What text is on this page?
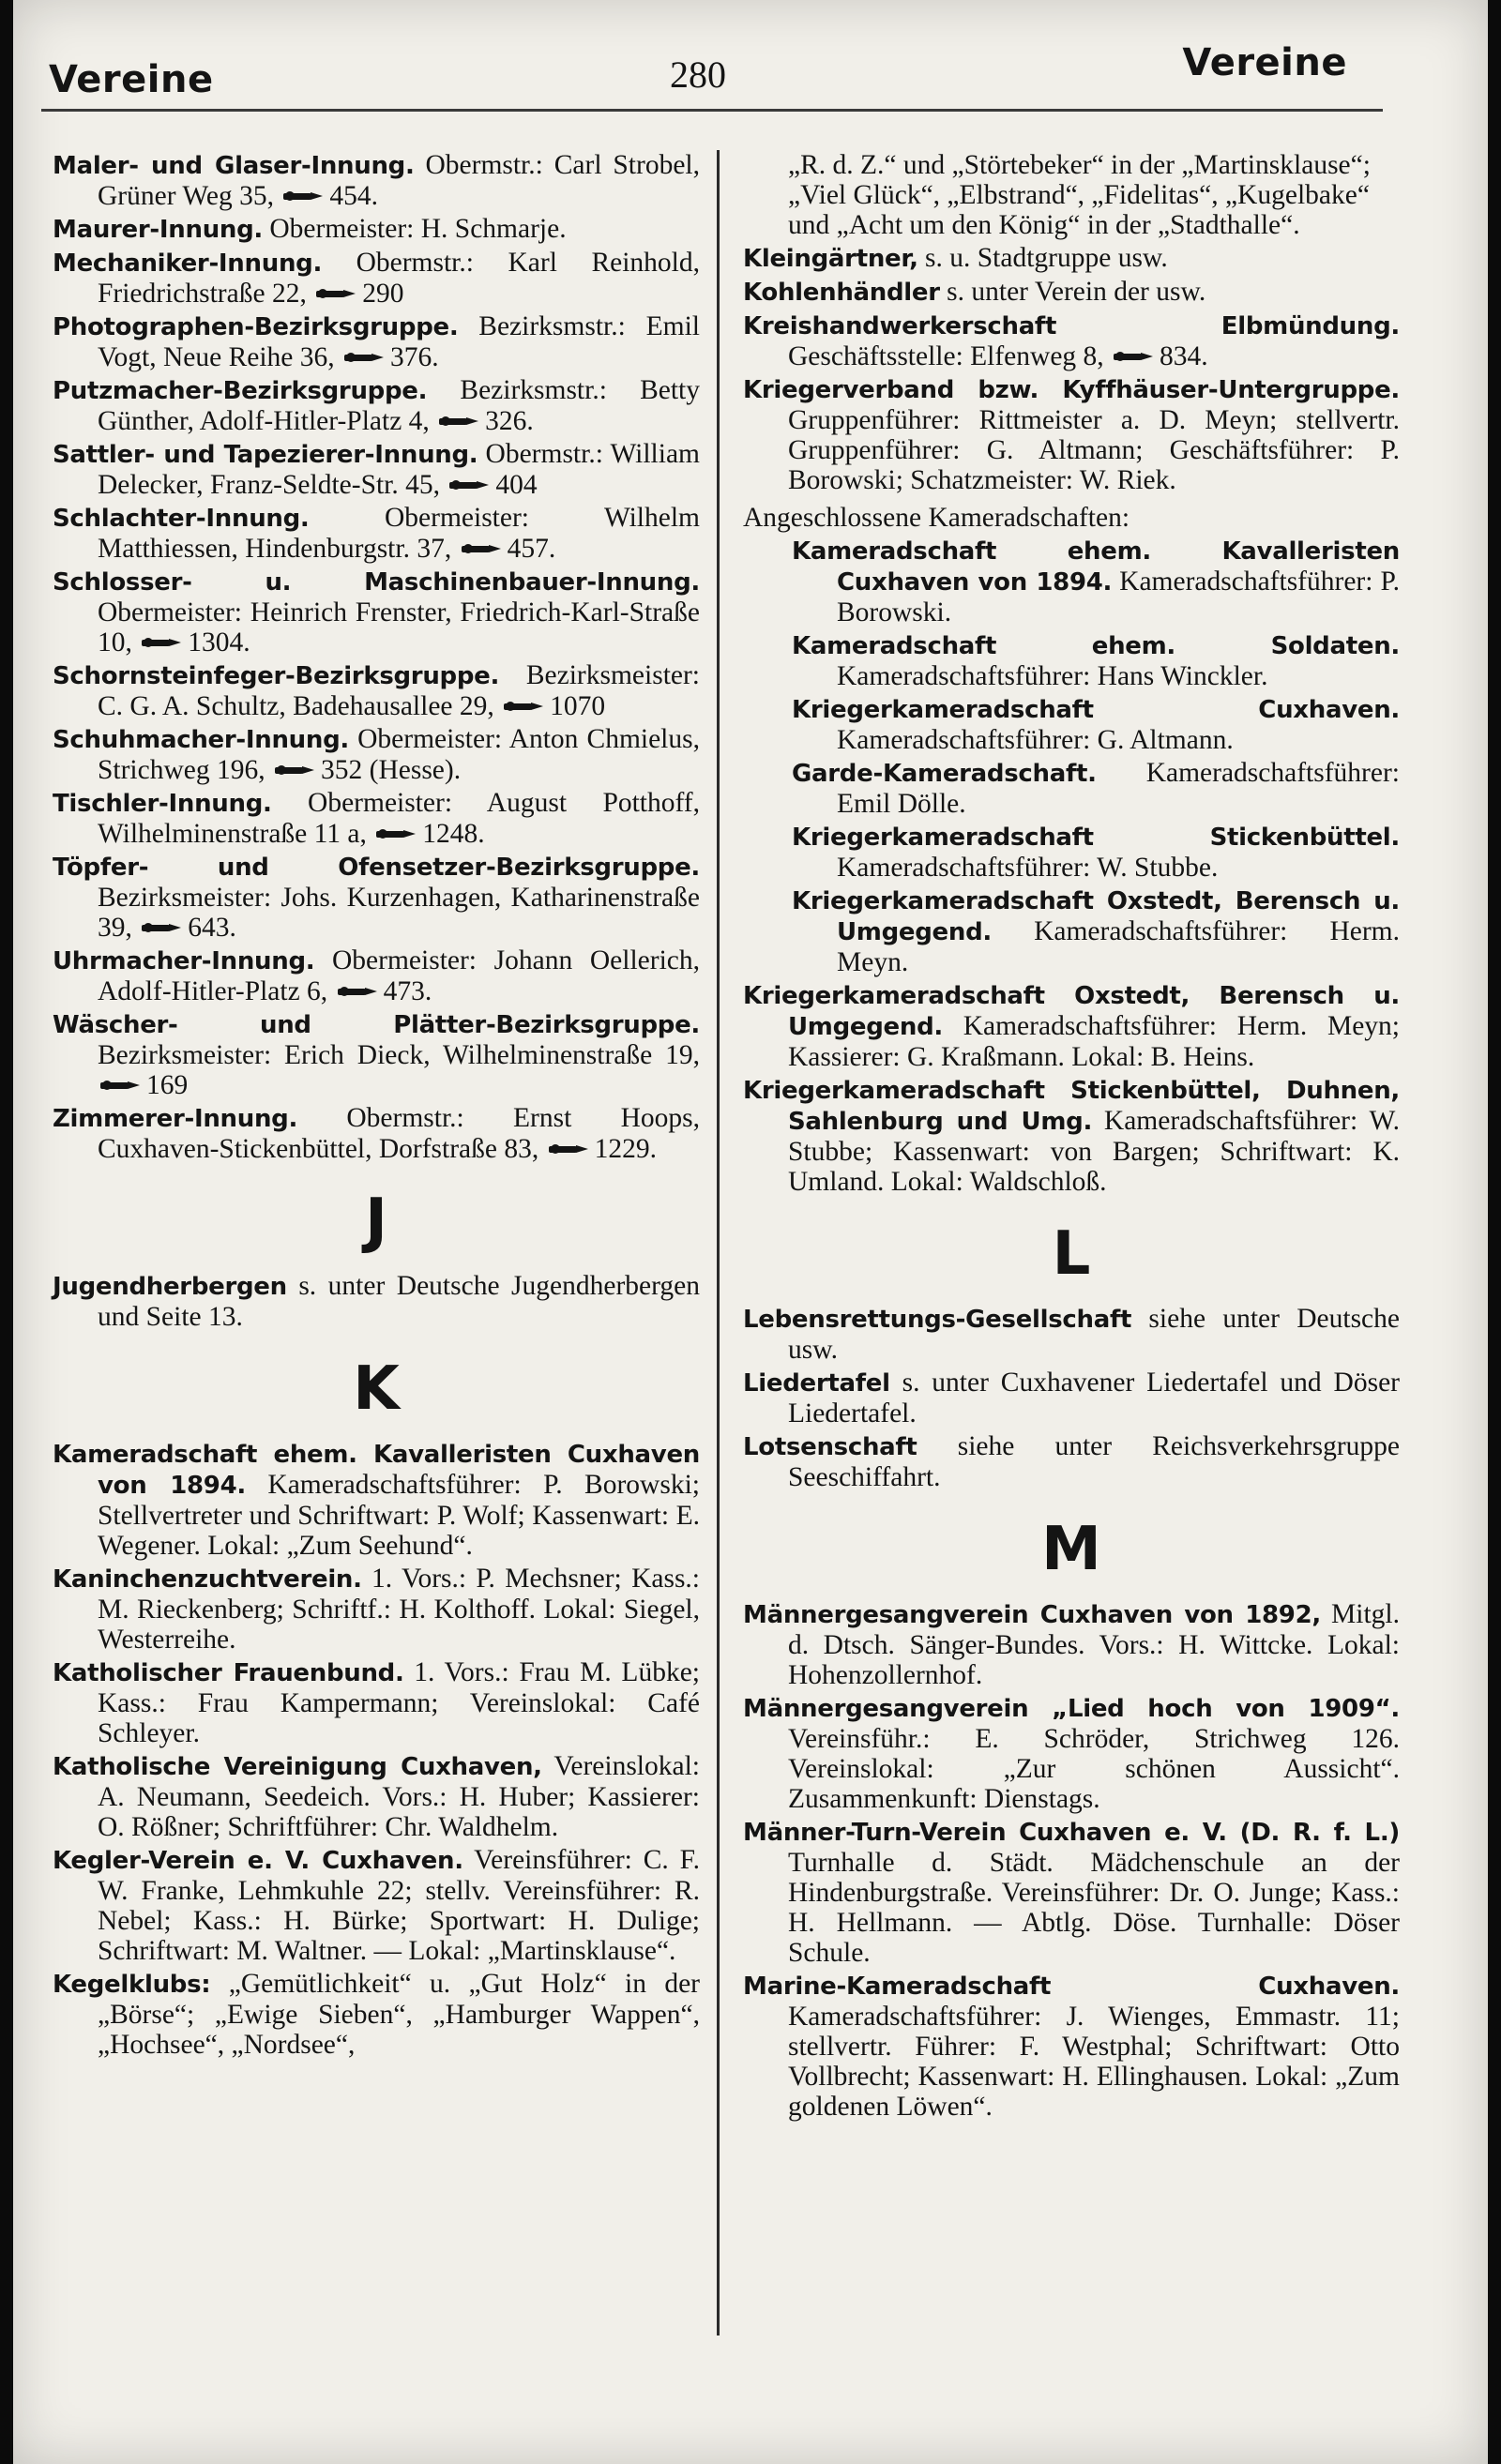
Vereine	280	Vereine

Maler- und Glaser-Innung. Obermstr.: Carl Strobel, Grüner Weg 35, 454.

Maurer-Innung. Obermeister: H. Schmarje.

Mechaniker-Innung. Obermstr.: Karl Reinhold, Friedrichstraße 22, 290

Photographen-Bezirksgruppe. Bezirksmstr.: Emil Vogt, Neue Reihe 36, 376.

Putzmacher-Bezirksgruppe. Bezirksmstr.: Betty Günther, Adolf-Hitler-Platz 4, 326.

Sattler- und Tapezierer-Innung. Obermstr.: William Delecker, Franz-Seldte-Str. 45, 404

Schlachter-Innung. Obermeister: Wilhelm Matthiessen, Hindenburgstr. 37, 457.

Schlosser- u. Maschinenbauer-Innung. Obermeister: Heinrich Frenster, Friedrich-Karl-Straße 10, 1304.

Schornsteinfeger-Bezirksgruppe. Bezirksmeister: C. G. A. Schultz, Badehausallee 29, 1070

Schuhmacher-Innung. Obermeister: Anton Chmielus, Strichweg 196, 352 (Hesse).

Tischler-Innung. Obermeister: August Potthoff, Wilhelminenstraße 11 a, 1248.

Töpfer- und Ofensetzer-Bezirksgruppe. Bezirksmeister: Johs. Kurzenhagen, Katharinenstraße 39, 643.

Uhrmacher-Innung. Obermeister: Johann Oellerich, Adolf-Hitler-Platz 6, 473.

Wäscher- und Plätter-Bezirksgruppe. Bezirksmeister: Erich Dieck, Wilhelminenstraße 19,
169

Zimmerer-Innung. Obermstr.: Ernst Hoops, Cuxhaven-Stickenbüttel, Dorfstraße 83, 1229.

J

Jugendherbergen s. unter Deutsche Jugendherbergen und Seite 13.

K

Kameradschaft ehem. Kavalleristen Cuxhaven von 1894. Kameradschaftsführer: P. Borowski; Stellvertreter und Schriftwart: P. Wolf; Kassenwart: E. Wegener. Lokal: „Zum Seehund“.

Kaninchenzuchtverein. 1. Vors.: P. Mechsner; Kass.: M. Rieckenberg; Schriftf.: H. Kolthoff. Lokal: Siegel, Westerreihe.

Katholischer Frauenbund. 1. Vors.: Frau M. Lübke; Kass.: Frau Kampermann; Vereinslokal: Café Schleyer.

Katholische Vereinigung Cuxhaven, Vereinslokal: A. Neumann, Seedeich. Vors.: H. Huber; Kassierer: O. Rößner; Schriftführer: Chr. Waldhelm.

Kegler-Verein e. V. Cuxhaven. Vereinsführer: C. F. W. Franke, Lehmkuhle 22; stellv. Vereinsführer: R. Nebel; Kass.: H. Bürke; Sportwart: H. Dulige; Schriftwart: M. Waltner. — Lokal: „Martinsklause“.

Kegelklubs: „Gemütlichkeit“ u. „Gut Holz“ in der „Börse“; „Ewige Sieben“, „Hamburger Wappen“, „Hochsee“, „Nordsee“,

„R. d. Z.“ und „Störtebeker“ in der „Martinsklause“; „Viel Glück“, „Elbstrand“, „Fidelitas“, „Kugelbake“ und „Acht um den König“ in der „Stadthalle“.

Kleingärtner, s. u. Stadtgruppe usw.

Kohlenhändler s. unter Verein der usw.

Kreishandwerkerschaft Elbmündung. Geschäftsstelle: Elfenweg 8, 834.

Kriegerverband bzw. Kyffhäuser-Untergruppe. Gruppenführer: Rittmeister a. D. Meyn; stellvertr. Gruppenführer: G. Altmann; Geschäftsführer: P. Borowski; Schatzmeister: W. Riek.

Angeschlossene Kameradschaften:

Kameradschaft ehem. Kavalleristen Cuxhaven von 1894. Kameradschaftsführer: P. Borowski.

Kameradschaft ehem. Soldaten. Kameradschaftsführer: Hans Winckler.

Kriegerkameradschaft Cuxhaven. Kameradschaftsführer: G. Altmann.

Garde-Kameradschaft. Kameradschaftsführer: Emil Dölle.

Kriegerkameradschaft Stickenbüttel. Kameradschaftsführer: W. Stubbe.

Kriegerkameradschaft Oxstedt, Berensch u. Umgegend. Kameradschaftsführer: Herm. Meyn.

Kriegerkameradschaft Oxstedt, Berensch u. Umgegend. Kameradschaftsführer: Herm. Meyn; Kassierer: G. Kraßmann. Lokal: B. Heins.

Kriegerkameradschaft Stickenbüttel, Duhnen, Sahlenburg und Umg. Kameradschaftsführer: W. Stubbe; Kassenwart: von Bargen; Schriftwart: K. Umland. Lokal: Waldschloß.

L

Lebensrettungs-Gesellschaft siehe unter Deutsche usw.

Liedertafel s. unter Cuxhavener Liedertafel und Döser Liedertafel.

Lotsenschaft siehe unter Reichsverkehrsgruppe Seeschiffahrt.

M

Männergesangverein Cuxhaven von 1892, Mitgl. d. Dtsch. Sänger-Bundes. Vors.: H. Wittcke. Lokal: Hohenzollernhof.

Männergesangverein „Lied hoch von 1909“. Vereinsführ.: E. Schröder, Strichweg 126. Vereinslokal: „Zur schönen Aussicht“. Zusammenkunft: Dienstags.

Männer-Turn-Verein Cuxhaven e. V. (D. R. f. L.) Turnhalle d. Städt. Mädchenschule an der Hindenburgstraße. Vereinsführer: Dr. O. Junge; Kass.: H. Hellmann. — Abtlg. Döse. Turnhalle: Döser Schule.

Marine-Kameradschaft Cuxhaven. Kameradschaftsführer: J. Wienges, Emmastr. 11; stellvertr. Führer: F. Westphal; Schriftwart: Otto Vollbrecht; Kassenwart: H. Ellinghausen. Lokal: „Zum goldenen Löwen“.
